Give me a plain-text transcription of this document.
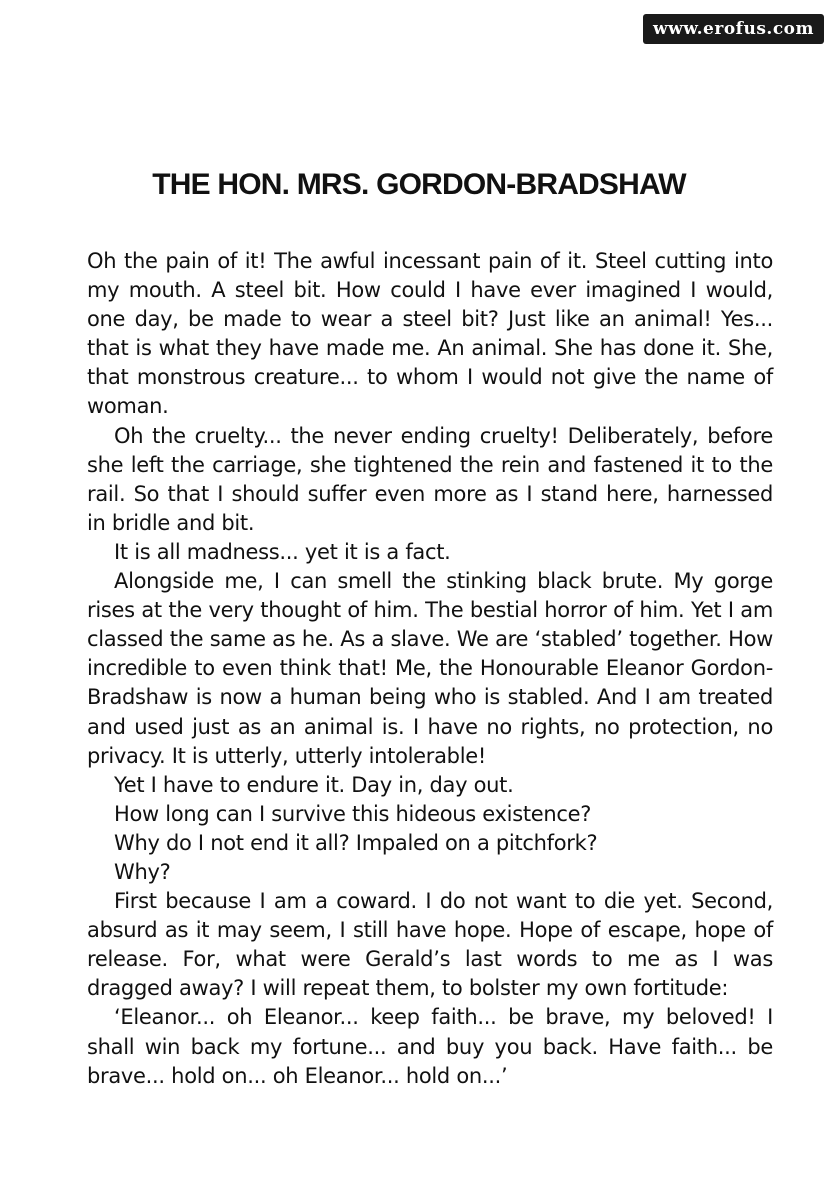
www.erofus.com
THE HON. MRS. GORDON-BRADSHAW

Oh the pain of it! The awful incessant pain of it. Steel cutting into my mouth. A steel bit. How could I have ever imagined I would, one day, be made to wear a steel bit? Just like an animal! Yes... that is what they have made me. An animal. She has done it. She, that monstrous creature... to whom I would not give the name of woman.

Oh the cruelty... the never ending cruelty! Deliberately, before she left the carriage, she tightened the rein and fastened it to the rail. So that I should suffer even more as I stand here, harnessed in bridle and bit.

It is all madness... yet it is a fact.

Alongside me, I can smell the stinking black brute. My gorge rises at the very thought of him. The bestial horror of him. Yet I am classed the same as he. As a slave. We are ‘stabled’ together. How incredible to even think that! Me, the Honourable Eleanor Gordon-Bradshaw is now a human being who is stabled. And I am treated and used just as an animal is. I have no rights, no protection, no privacy. It is utterly, utterly intolerable!

Yet I have to endure it. Day in, day out.

How long can I survive this hideous existence?

Why do I not end it all? Impaled on a pitchfork?

Why?

First because I am a coward. I do not want to die yet. Second, absurd as it may seem, I still have hope. Hope of escape, hope of release. For, what were Gerald’s last words to me as I was dragged away? I will repeat them, to bolster my own fortitude:

‘Eleanor... oh Eleanor... keep faith... be brave, my beloved! I shall win back my fortune... and buy you back. Have faith... be brave... hold on... oh Eleanor... hold on...’
